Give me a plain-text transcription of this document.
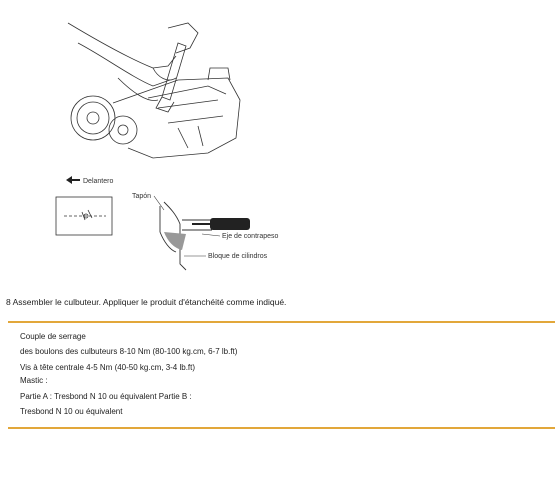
Delantero
Tapón
Eje de contrapeso
Bloque de cilindros
8 Assembler le culbuteur. Appliquer le produit d'étanchéité comme indiqué.
Couple de serrage
des boulons des culbuteurs 8-10 Nm (80-100 kg.cm, 6-7 lb.ft)
Vis à tête centrale 4-5 Nm (40-50 kg.cm, 3-4 lb.ft)
Mastic :
Partie A : Tresbond N 10 ou équivalent Partie B :
Tresbond N 10 ou équivalent
